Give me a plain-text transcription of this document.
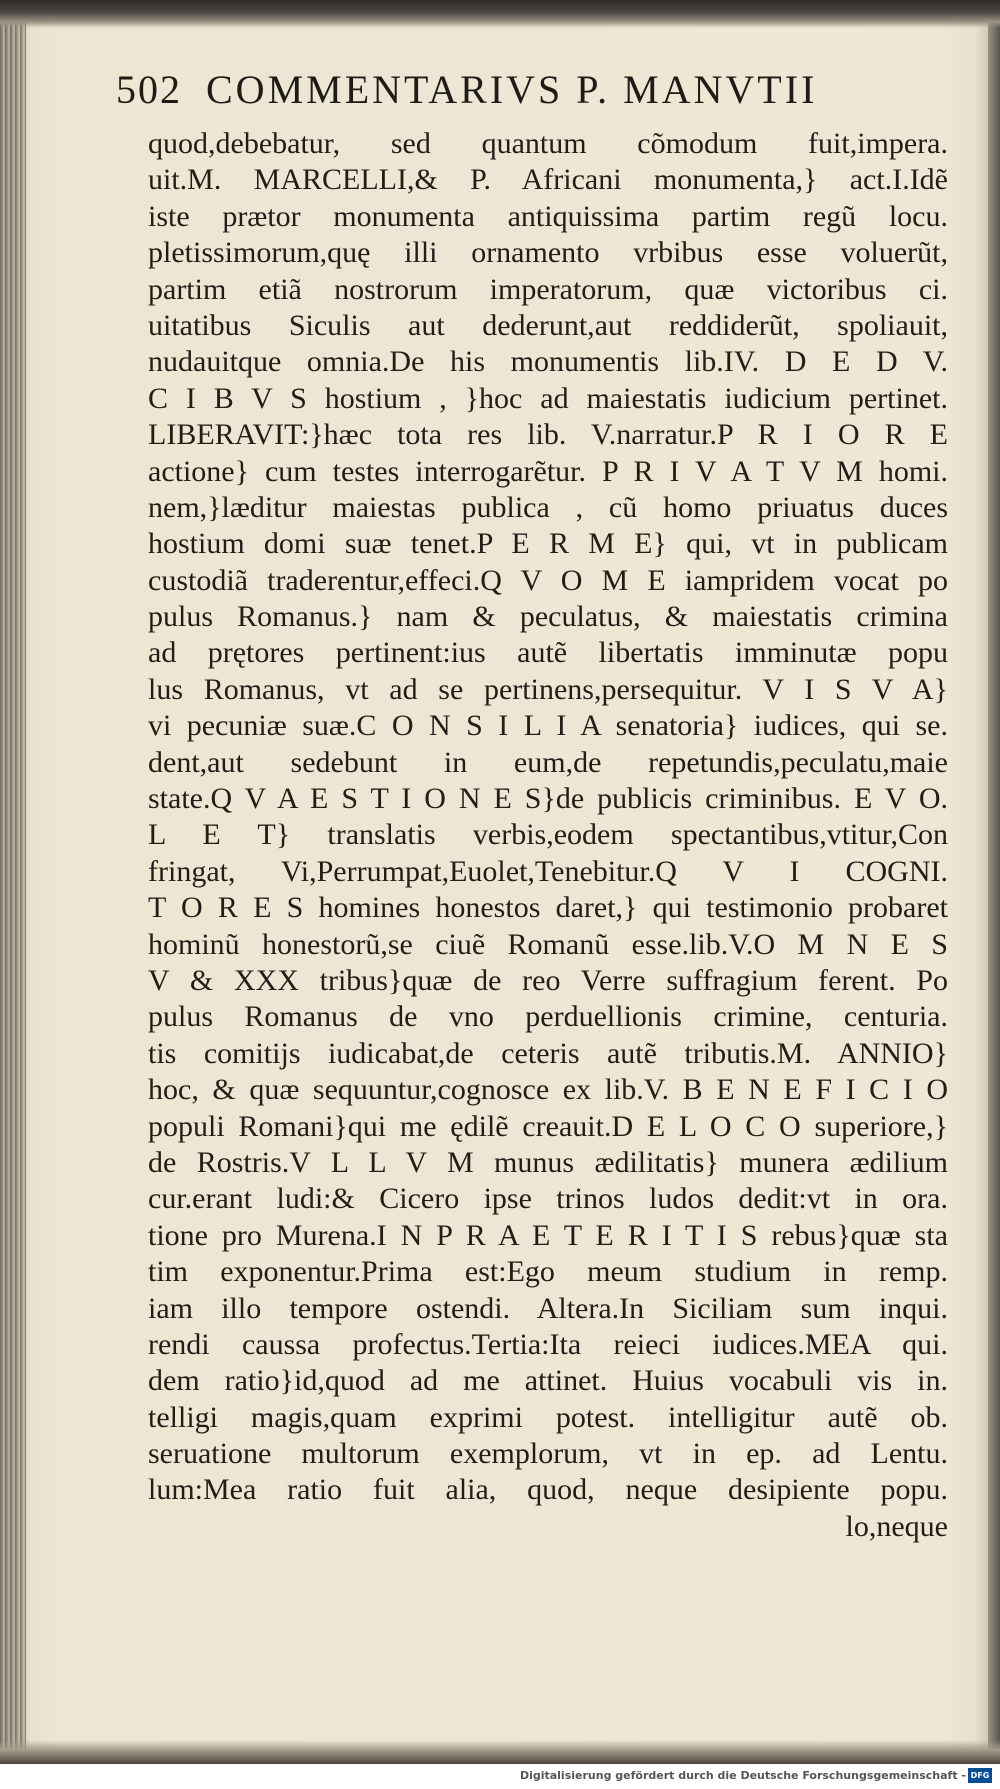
502 COMMENTARIVS P. MANVTII
quod,debebatur, sed quantum cõmodum fuit,impera.
uit.M. MARCELLI,& P. Africani monumenta,} act.I.Idẽ
iste prætor monumenta antiquissima partim regũ locu.
pletissimorum,quę illi ornamento vrbibus esse voluerũt,
partim etiã nostrorum imperatorum, quæ victoribus ci.
uitatibus Siculis aut dederunt,aut reddiderũt, spoliauit,
nudauitque omnia.De his monumentis lib.IV. D E D V.
C I B V S hostium , }hoc ad maiestatis iudicium pertinet.
LIBERAVIT:}hæc tota res lib. V.narratur.P R I O R E
actione} cum testes interrogarẽtur. P R I V A T V M homi.
nem,}læditur maiestas publica , cũ homo priuatus duces
hostium domi suæ tenet.P E R M E} qui, vt in publicam
custodiã traderentur,effeci.Q V O M E iampridem vocat po
pulus Romanus.} nam & peculatus, & maiestatis crimina
ad prętores pertinent:ius autẽ libertatis imminutæ popu
lus Romanus, vt ad se pertinens,persequitur. V I S V A}
vi pecuniæ suæ.C O N S I L I A senatoria} iudices, qui se.
dent,aut sedebunt in eum,de repetundis,peculatu,maie
state.Q V A E S T I O N E S}de publicis criminibus. E V O.
L E T} translatis verbis,eodem spectantibus,vtitur,Con
fringat, Vi,Perrumpat,Euolet,Tenebitur.Q V I COGNI.
T O R E S homines honestos daret,} qui testimonio probaret
hominũ honestorũ,se ciuẽ Romanũ esse.lib.V.O M N E S
V & XXX tribus}quæ de reo Verre suffragium ferent. Po
pulus Romanus de vno perduellionis crimine, centuria.
tis comitijs iudicabat,de ceteris autẽ tributis.M. ANNIO}
hoc, & quæ sequuntur,cognosce ex lib.V. B E N E F I C I O
populi Romani}qui me ędilẽ creauit.D E L O C O superiore,}
de Rostris.V L L V M munus ædilitatis} munera ædilium
cur.erant ludi:& Cicero ipse trinos ludos dedit:vt in ora.
tione pro Murena.I N P R A E T E R I T I S rebus}quæ sta
tim exponentur.Prima est:Ego meum studium in remp.
iam illo tempore ostendi. Altera.In Siciliam sum inqui.
rendi caussa profectus.Tertia:Ita reieci iudices.MEA qui.
dem ratio}id,quod ad me attinet. Huius vocabuli vis in.
telligi magis,quam exprimi potest. intelligitur autẽ ob.
seruatione multorum exemplorum, vt in ep. ad Lentu.
lum:Mea ratio fuit alia, quod, neque desipiente popu.
lo,neque
Digitalisierung gefördert durch die Deutsche Forschungsgemeinschaft - DFG
